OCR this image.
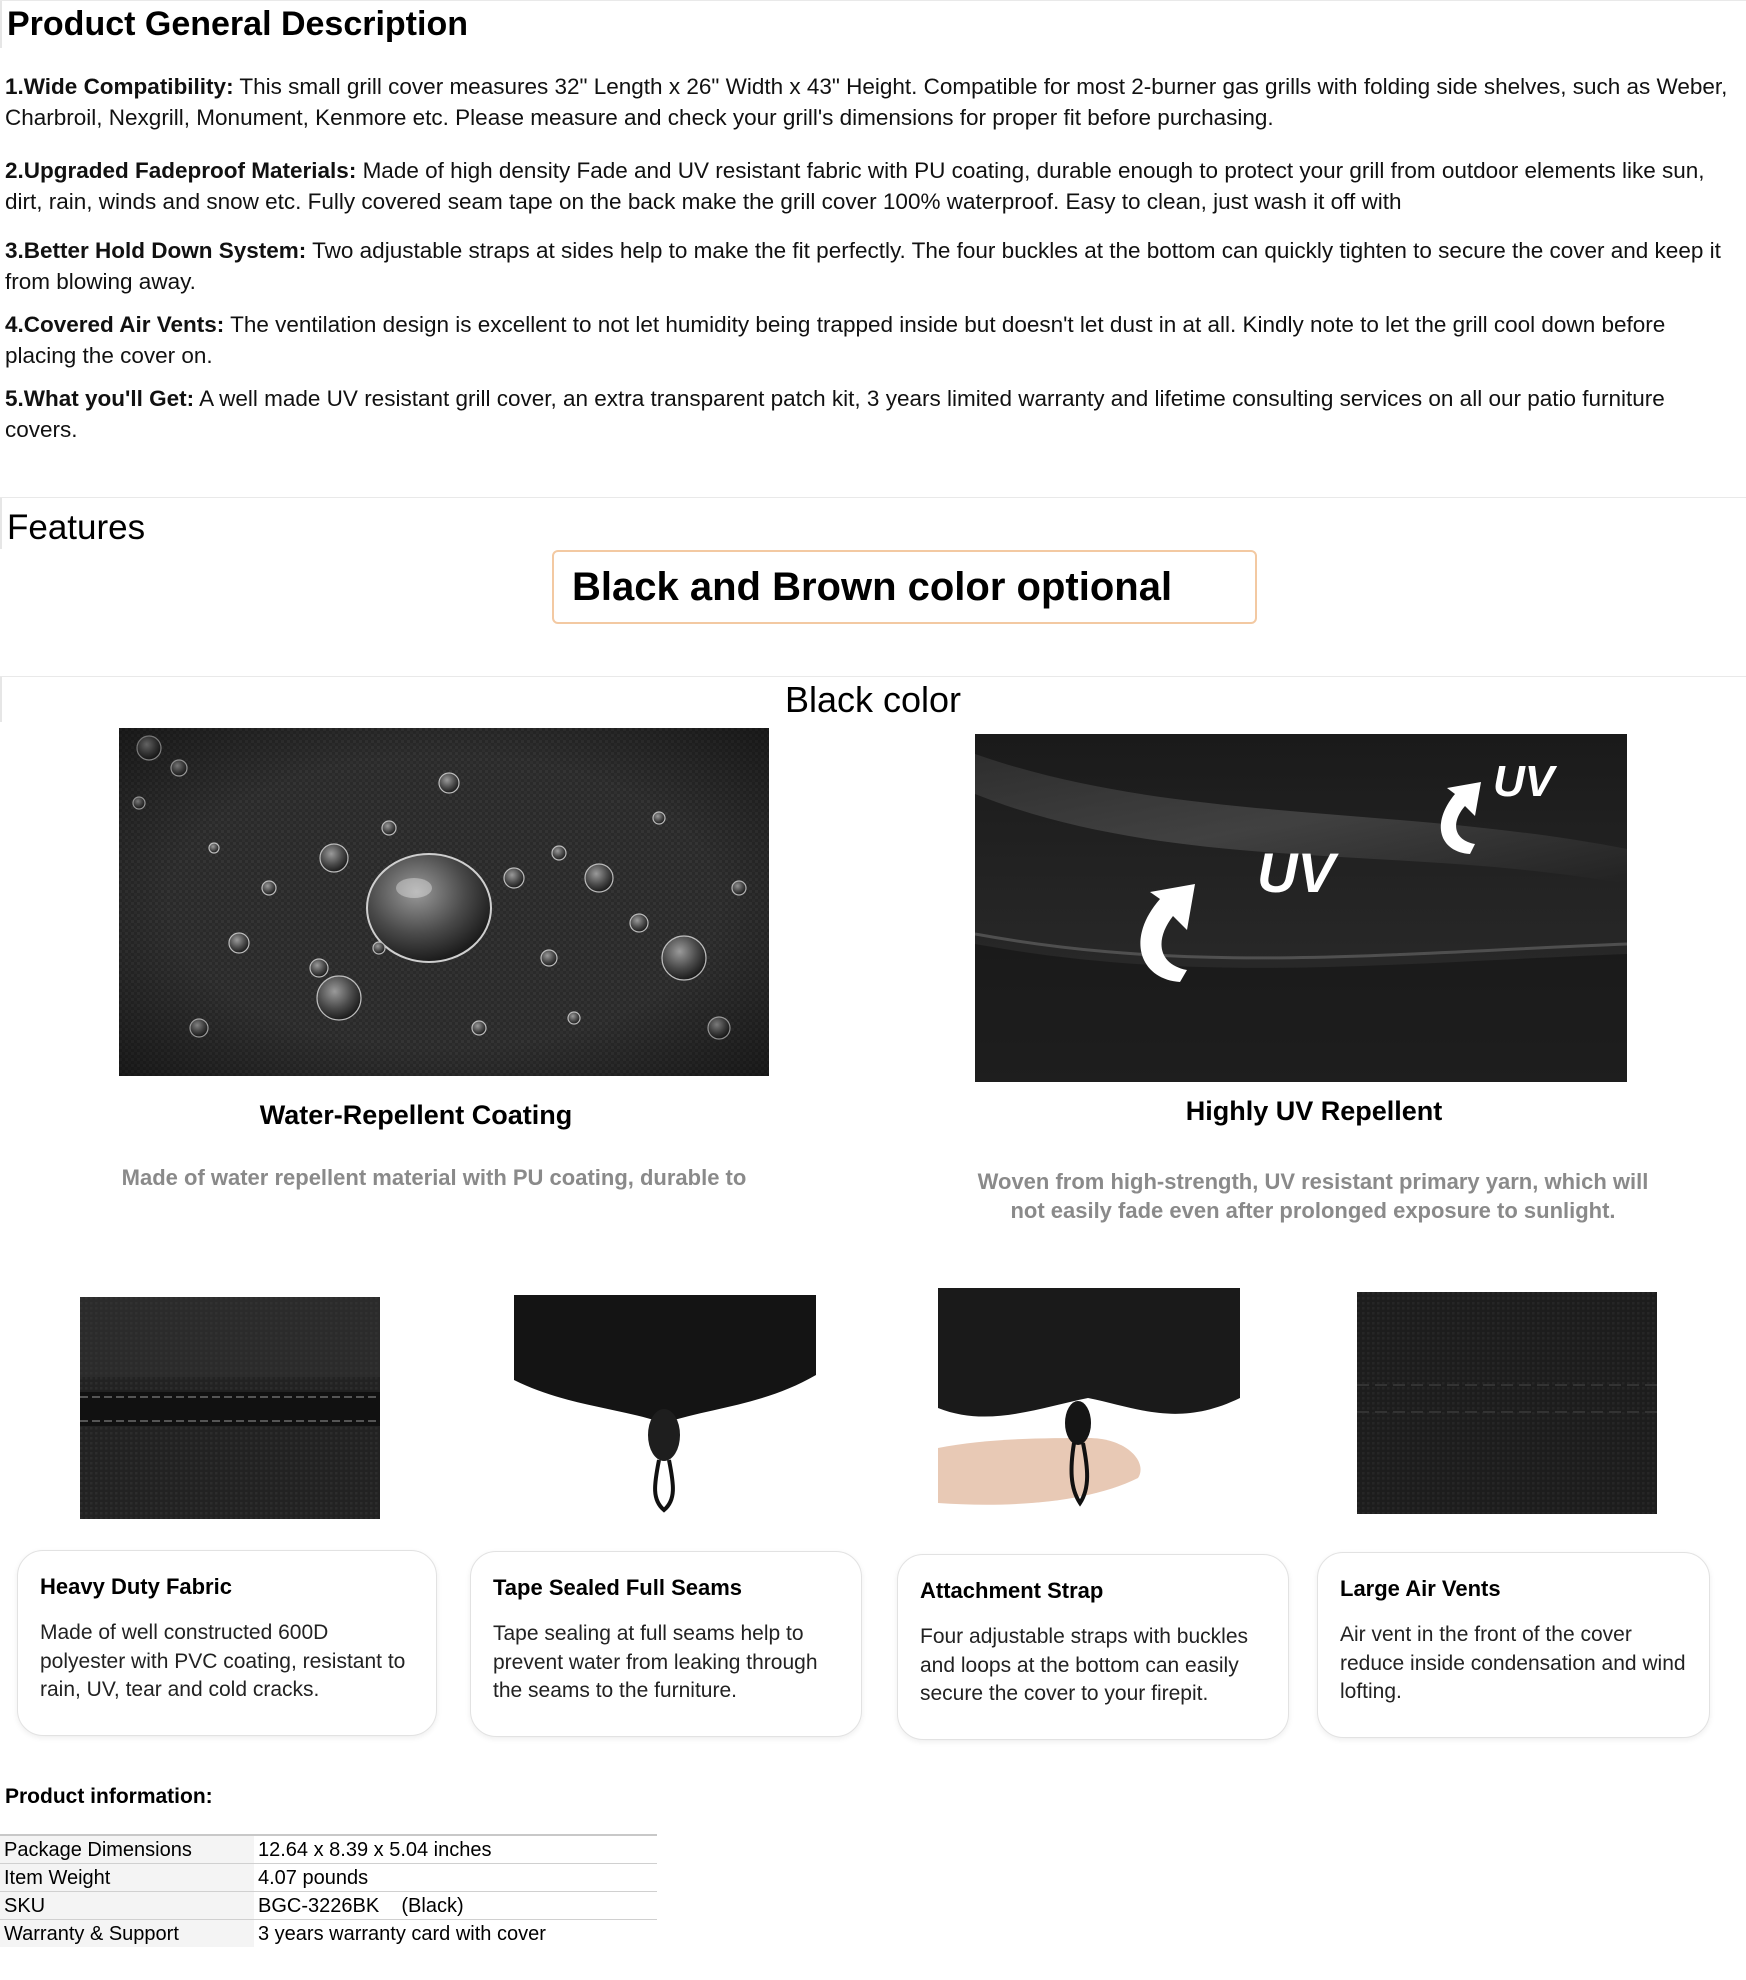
Product General Description
1.Wide Compatibility: This small grill cover measures 32" Length x 26" Width x 43" Height. Compatible for most 2-burner gas grills with folding side shelves, such as Weber, Charbroil, Nexgrill, Monument, Kenmore etc. Please measure and check your grill's dimensions for proper fit before purchasing.
2.Upgraded Fadeproof Materials: Made of high density Fade and UV resistant fabric with PU coating, durable enough to protect your grill from outdoor elements like sun, dirt, rain, winds and snow etc. Fully covered seam tape on the back make the grill cover 100% waterproof. Easy to clean, just wash it off with
3.Better Hold Down System: Two adjustable straps at sides help to make the fit perfectly. The four buckles at the bottom can quickly tighten to secure the cover and keep it from blowing away.
4.Covered Air Vents: The ventilation design is excellent to not let humidity being trapped inside but doesn't let dust in at all. Kindly note to let the grill cool down before placing the cover on.
5.What you'll Get: A well made UV resistant grill cover, an extra transparent patch kit, 3 years limited warranty and lifetime consulting services on all our patio furniture covers.
Features
Black and Brown color optional
Black color
UV
UV
Water-Repellent Coating	Highly UV Repellent
Made of water repellent material with PU coating, durable to	Woven from high-strength, UV resistant primary yarn, which will not easily fade even after prolonged exposure to sunlight.
Heavy Duty Fabric
Made of well constructed 600D polyester with PVC coating, resistant to rain, UV, tear and cold cracks.
Tape Sealed Full Seams
Tape sealing at full seams help to prevent water from leaking through the seams to the furniture.
Attachment Strap
Four adjustable straps with buckles and loops at the bottom can easily secure the cover to your firepit.
Large Air Vents
Air vent in the front of the cover reduce inside condensation and wind lofting.
Product information:
Package Dimensions	12.64 x 8.39 x 5.04 inches
Item Weight	4.07 pounds
SKU	BGC-3226BK    (Black)
Warranty & Support	3 years warranty card with cover
